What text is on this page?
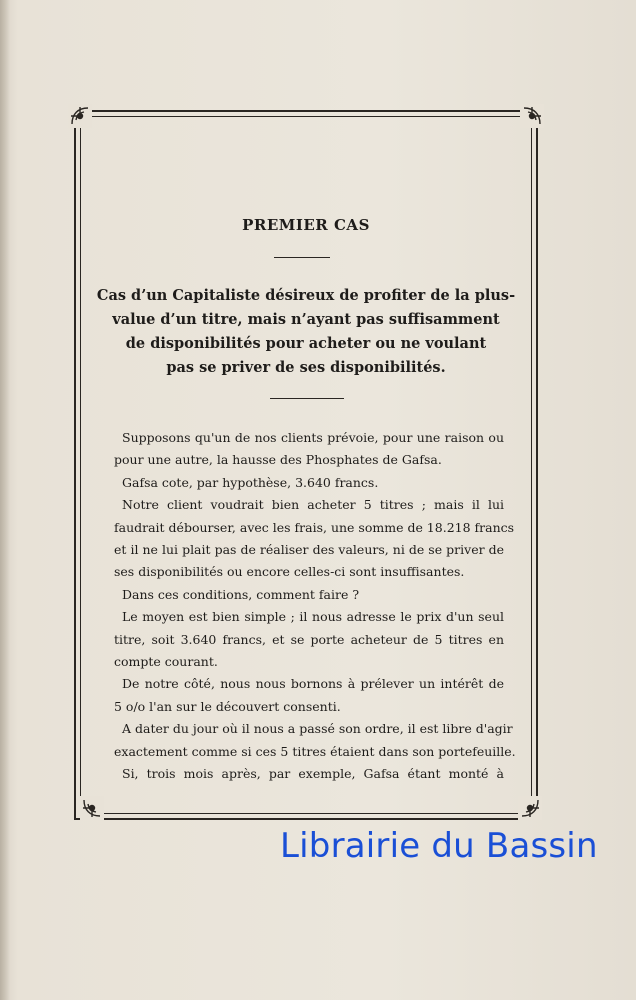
PREMIER CAS
Cas d’un Capitaliste désireux de profiter de la plus-
value d’un titre, mais n’ayant pas suffisamment
de disponibilités pour acheter ou ne voulant
pas se priver de ses disponibilités.

Supposons qu'un de nos clients prévoie, pour une raison ou

pour une autre, la hausse des Phosphates de Gafsa.

Gafsa cote, par hypothèse, 3.640 francs.

Notre client voudrait bien acheter 5 titres ; mais il lui

faudrait débourser, avec les frais, une somme de 18.218 francs

et il ne lui plait pas de réaliser des valeurs, ni de se priver de

ses disponibilités ou encore celles-ci sont insuffisantes.

Dans ces conditions, comment faire ?

Le moyen est bien simple ; il nous adresse le prix d'un seul

titre, soit 3.640 francs, et se porte acheteur de 5 titres en

compte courant.

De notre côté, nous nous bornons à prélever un intérêt de

5 o/o l'an sur le découvert consenti.

A dater du jour où il nous a passé son ordre, il est libre d'agir

exactement comme si ces 5 titres étaient dans son portefeuille.

Si, trois mois après, par exemple, Gafsa étant monté à

Librairie du Bassin
